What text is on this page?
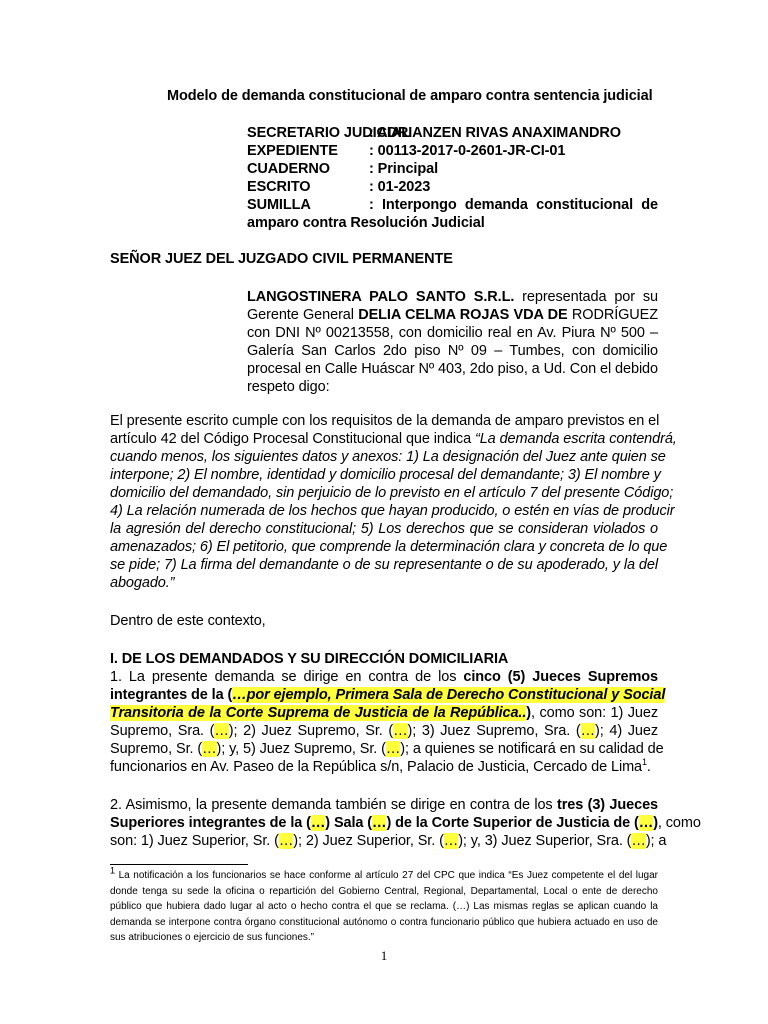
Modelo de demanda constitucional de amparo contra sentencia judicial
SECRETARIO JUDICIAL
: ADRIANZEN RIVAS ANAXIMANDRO
EXPEDIENTE : 00113-2017-0-2601-JR-CI-01
CUADERNO	: Principal
ESCRITO	: 01-2023
SUMILLA	: Interpongo demanda constitucional de
amparo contra Resolución Judicial
SEÑOR JUEZ DEL JUZGADO CIVIL PERMANENTE
LANGOSTINERA PALO SANTO S.R.L. representada por su
Gerente General DELIA CELMA ROJAS VDA DE RODRÍGUEZ
con DNI Nº 00213558, con domicilio real en Av. Piura Nº 500 –
Galería San Carlos 2do piso Nº 09 – Tumbes, con domicilio
procesal en Calle Huáscar Nº 403, 2do piso, a Ud. Con el debido
respeto digo:
El presente escrito cumple con los requisitos de la demanda de amparo previstos en el
artículo 42 del Código Procesal Constitucional que indica “La demanda escrita contendrá,
cuando menos, los siguientes datos y anexos: 1) La designación del Juez ante quien se
interpone; 2) El nombre, identidad y domicilio procesal del demandante; 3) El nombre y
domicilio del demandado, sin perjuicio de lo previsto en el artículo 7 del presente Código;
4) La relación numerada de los hechos que hayan producido, o estén en vías de producir
la agresión del derecho constitucional; 5) Los derechos que se consideran violados o
amenazados; 6) El petitorio, que comprende la determinación clara y concreta de lo que
se pide; 7) La firma del demandante o de su representante o de su apoderado, y la del
abogado.”
Dentro de este contexto,
I. DE LOS DEMANDADOS Y SU DIRECCIÓN DOMICILIARIA
1. La presente demanda se dirige en contra de los cinco (5) Jueces Supremos
integrantes de la (…por ejemplo, Primera Sala de Derecho Constitucional y Social
Transitoria de la Corte Suprema de Justicia de la República..), como son: 1) Juez
Supremo, Sra. (…); 2) Juez Supremo, Sr. (…); 3) Juez Supremo, Sra. (…); 4) Juez
Supremo, Sr. (…); y, 5) Juez Supremo, Sr. (…); a quienes se notificará en su calidad de
funcionarios en Av. Paseo de la República s/n, Palacio de Justicia, Cercado de Lima$^1$.
2. Asimismo, la presente demanda también se dirige en contra de los tres (3) Jueces
Superiores integrantes de la (…) Sala (…) de la Corte Superior de Justicia de (…), como
son: 1) Juez Superior, Sr. (…); 2) Juez Superior, Sr. (…); y, 3) Juez Superior, Sra. (…); a
$^1$ La notificación a los funcionarios se hace conforme al artículo 27 del CPC que indica “Es Juez competente el del lugar donde tenga su sede la oficina o repartición del Gobierno Central, Regional, Departamental, Local o ente de derecho público que hubiera dado lugar al acto o hecho contra el que se reclama. (…) Las mismas reglas se aplican cuando la demanda se interpone contra órgano constitucional autónomo o contra funcionario público que hubiera actuado en uso de sus atribuciones o ejercicio de sus funciones.”
1
